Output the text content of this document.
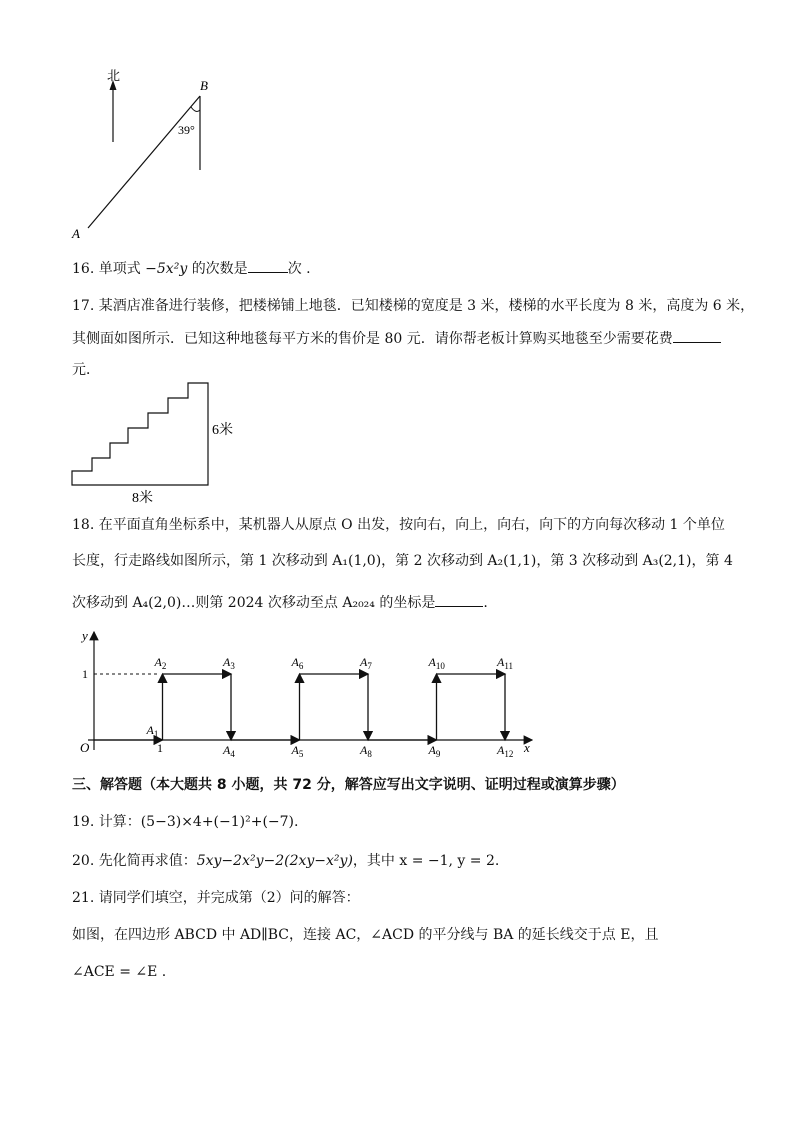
北
B
A
39°
16. 单项式 −5x²y 的次数是	次 .
17. 某酒店准备进行装修，把楼梯铺上地毯．已知楼梯的宽度是 3 米，楼梯的水平长度为 8 米，高度为 6 米，
其侧面如图所示．已知这种地毯每平方米的售价是 80 元．请你帮老板计算购买地毯至少需要花费
元．
6米
8米
18. 在平面直角坐标系中，某机器人从原点 O 出发，按向右，向上，向右，向下的方向每次移动 1 个单位
长度，行走路线如图所示，第 1 次移动到 A₁(1,0)，第 2 次移动到 A₂(1,1)，第 3 次移动到 A₃(2,1)，第 4
次移动到 A₄(2,0)…则第 2024 次移动至点 A₂₀₂₄ 的坐标是	.
y
x
O
1
1
$A_1$
$A_2$	$A_3$
$A_4$	$A_5$
$A_6$	$A_7$
$A_8$	$A_9$
$A_{10}$	$A_{11}$
$A_{12}$
三、解答题（本大题共 8 小题，共 72 分，解答应写出文字说明、证明过程或演算步骤）
19. 计算：(5−3)×4+(−1)²+(−7).
20. 先化简再求值：5xy−2x²y−2(2xy−x²y)，其中 x = −1, y = 2.
21. 请同学们填空，并完成第（2）问的解答：
如图，在四边形 ABCD 中 AD∥BC，连接 AC，∠ACD 的平分线与 BA 的延长线交于点 E，且
∠ACE = ∠E .
